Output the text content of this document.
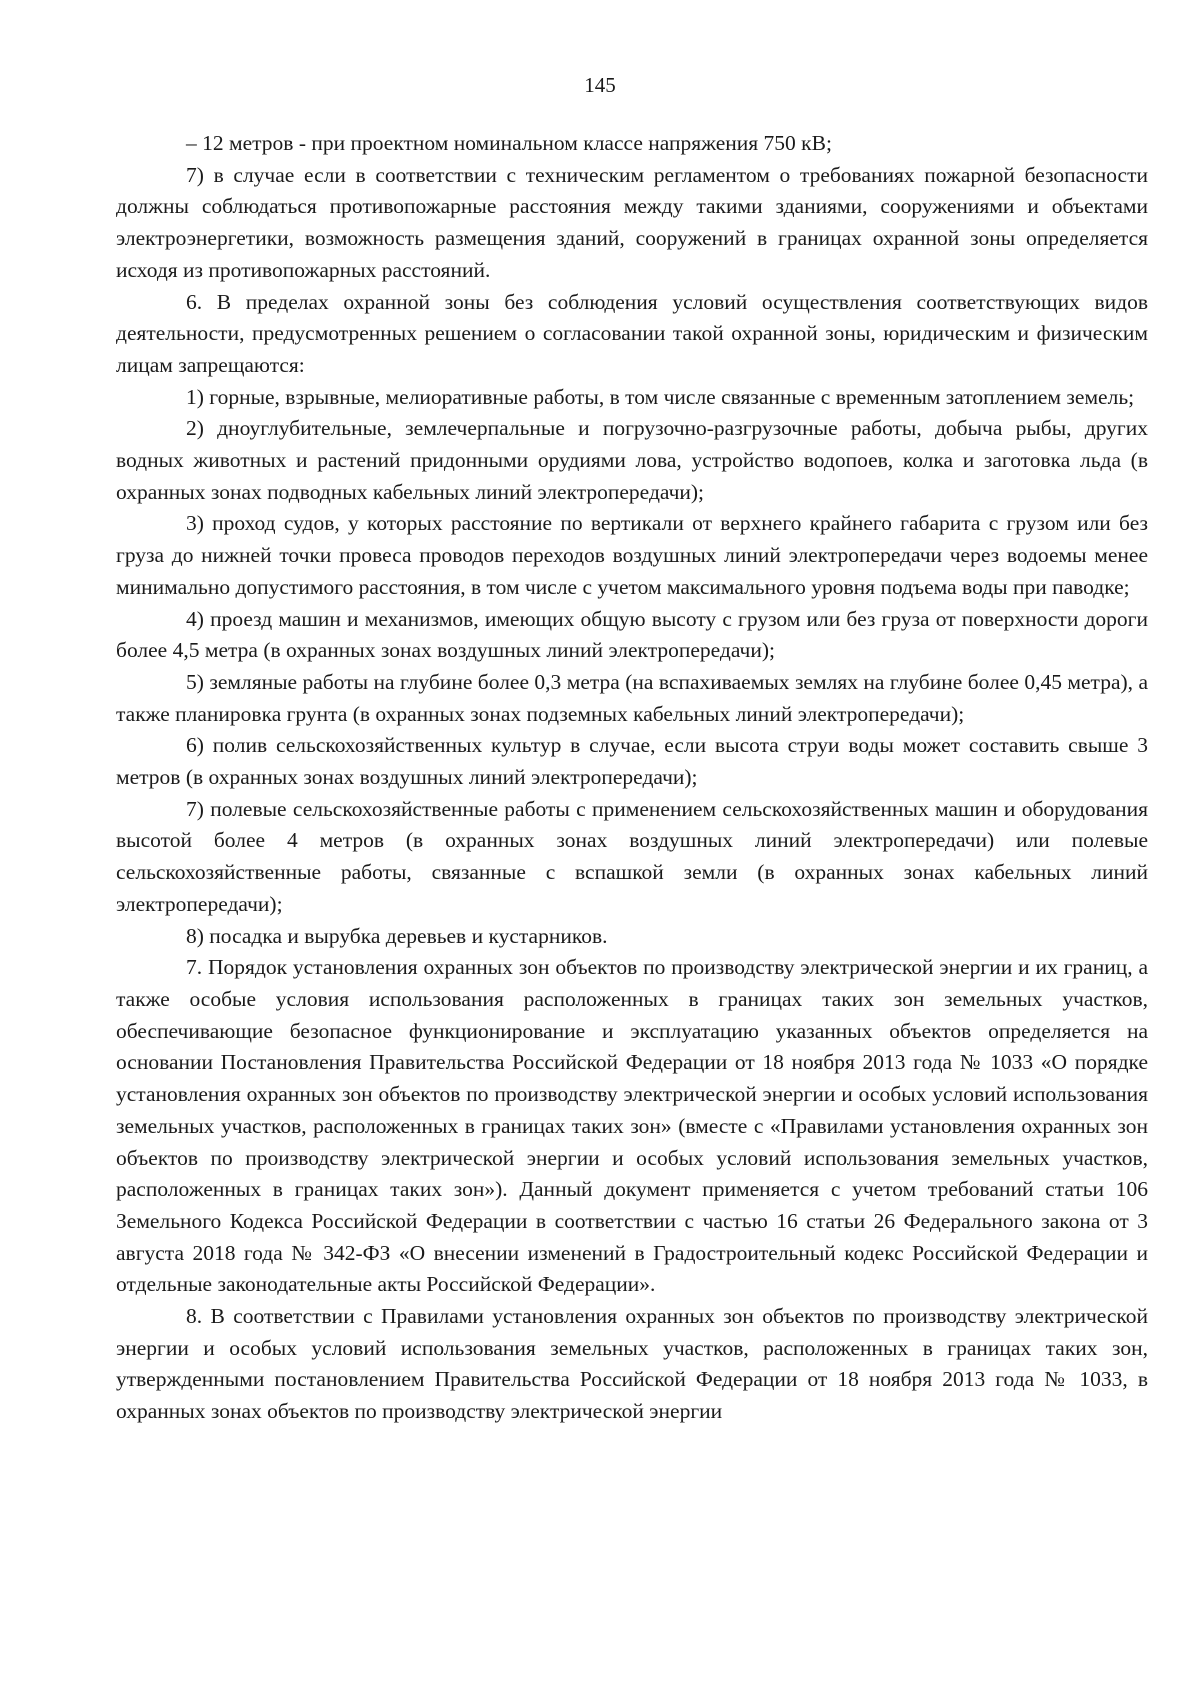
145

– 12 метров - при проектном номинальном классе напряжения 750 кВ;

7) в случае если в соответствии с техническим регламентом о требованиях пожарной безопасности должны соблюдаться противопожарные расстояния между такими зданиями, сооружениями и объектами электроэнергетики, возможность размещения зданий, сооружений в границах охранной зоны определяется исходя из противопожарных расстояний.

6. В пределах охранной зоны без соблюдения условий осуществления соответствующих видов деятельности, предусмотренных решением о согласовании такой охранной зоны, юридическим и физическим лицам запрещаются:

1) горные, взрывные, мелиоративные работы, в том числе связанные с временным затоплением земель;

2) дноуглубительные, землечерпальные и погрузочно-разгрузочные работы, добыча рыбы, других водных животных и растений придонными орудиями лова, устройство водопоев, колка и заготовка льда (в охранных зонах подводных кабельных линий электропередачи);

3) проход судов, у которых расстояние по вертикали от верхнего крайнего габарита с грузом или без груза до нижней точки провеса проводов переходов воздушных линий электропередачи через водоемы менее минимально допустимого расстояния, в том числе с учетом максимального уровня подъема воды при паводке;

4) проезд машин и механизмов, имеющих общую высоту с грузом или без груза от поверхности дороги более 4,5 метра (в охранных зонах воздушных линий электропередачи);

5) земляные работы на глубине более 0,3 метра (на вспахиваемых землях на глубине более 0,45 метра), а также планировка грунта (в охранных зонах подземных кабельных линий электропередачи);

6) полив сельскохозяйственных культур в случае, если высота струи воды может составить свыше 3 метров (в охранных зонах воздушных линий электропередачи);

7) полевые сельскохозяйственные работы с применением сельскохозяйственных машин и оборудования высотой более 4 метров (в охранных зонах воздушных линий электропередачи) или полевые сельскохозяйственные работы, связанные с вспашкой земли (в охранных зонах кабельных линий электропередачи);

8) посадка и вырубка деревьев и кустарников.

7. Порядок установления охранных зон объектов по производству электрической энергии и их границ, а также особые условия использования расположенных в границах таких зон земельных участков, обеспечивающие безопасное функционирование и эксплуатацию указанных объектов определяется на основании Постановления Правительства Российской Федерации от 18 ноября 2013 года № 1033 «О порядке установления охранных зон объектов по производству электрической энергии и особых условий использования земельных участков, расположенных в границах таких зон» (вместе с «Правилами установления охранных зон объектов по производству электрической энергии и особых условий использования земельных участков, расположенных в границах таких зон»). Данный документ применяется с учетом требований статьи 106 Земельного Кодекса Российской Федерации в соответствии с частью 16 статьи 26 Федерального закона от 3 августа 2018 года № 342-ФЗ «О внесении изменений в Градостроительный кодекс Российской Федерации и отдельные законодательные акты Российской Федерации».

8. В соответствии с Правилами установления охранных зон объектов по производству электрической энергии и особых условий использования земельных участков, расположенных в границах таких зон, утвержденными постановлением Правительства Российской Федерации от 18 ноября 2013 года № 1033, в охранных зонах объектов по производству электрической энергии
